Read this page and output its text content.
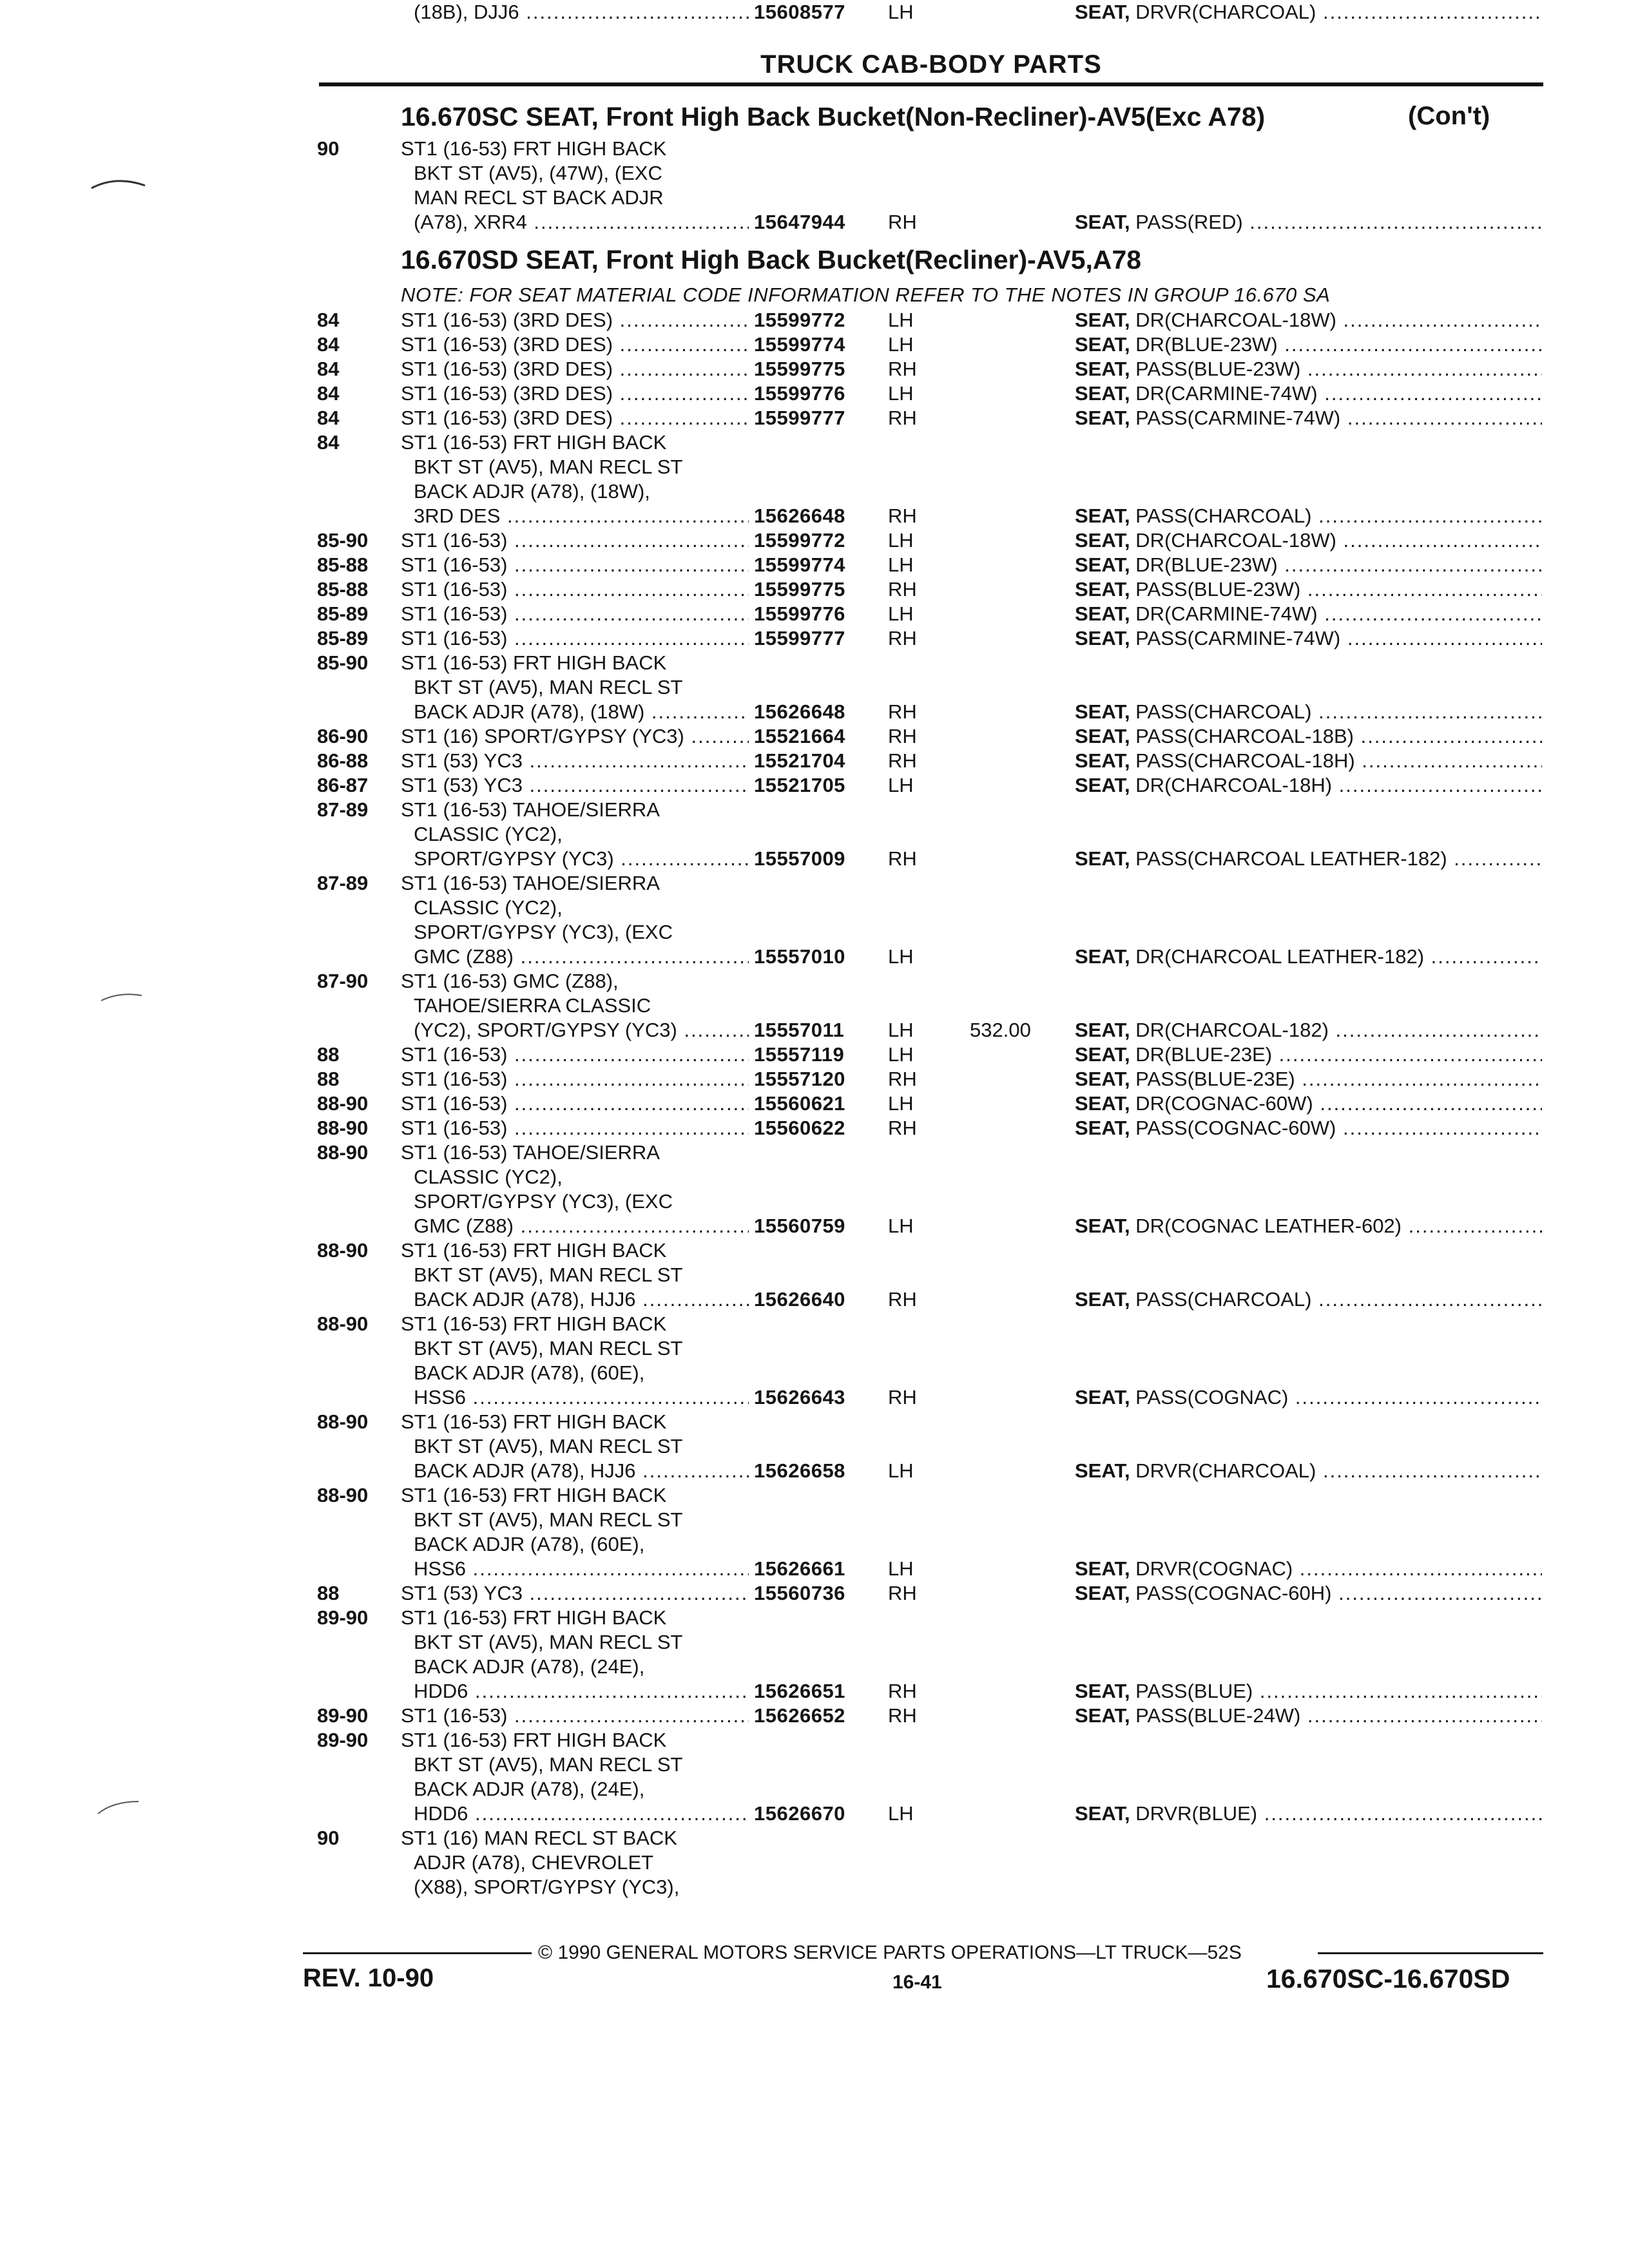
TRUCK CAB-BODY PARTS
16.670SC SEAT, Front High Back Bucket(Non-Recliner)-AV5(Exc A78)	(Con't)
16.670SD SEAT, Front High Back Bucket(Recliner)-AV5,A78
NOTE: FOR SEAT MATERIAL CODE INFORMATION REFER TO THE NOTES IN GROUP 16.670 SA
90	ST1 (16-53) FRT HIGH BACK
BKT ST (AV5), (47W), (EXC
MAN RECL ST BACK ADJR
(A78), XRR4 .....	15647944 RH	SEAT, PASS(RED) .....
84	ST1 (16-53) (3RD DES) .....	15599772 LH	SEAT, DR(CHARCOAL-18W) .....
84	ST1 (16-53) (3RD DES) .....	15599774 LH	SEAT, DR(BLUE-23W) .....
84	ST1 (16-53) (3RD DES) .....	15599775 RH	SEAT, PASS(BLUE-23W) .....
84	ST1 (16-53) (3RD DES) .....	15599776 LH	SEAT, DR(CARMINE-74W) .....
84	ST1 (16-53) (3RD DES) .....	15599777 RH	SEAT, PASS(CARMINE-74W) .....
84	ST1 (16-53) FRT HIGH BACK
BKT ST (AV5), MAN RECL ST
BACK ADJR (A78), (18W),
3RD DES .....	15626648 RH	SEAT, PASS(CHARCOAL) .....
85-90	ST1 (16-53) .....	15599772 LH	SEAT, DR(CHARCOAL-18W) .....
85-88	ST1 (16-53) .....	15599774 LH	SEAT, DR(BLUE-23W) .....
85-88	ST1 (16-53) .....	15599775 RH	SEAT, PASS(BLUE-23W) .....
85-89	ST1 (16-53) .....	15599776 LH	SEAT, DR(CARMINE-74W) .....
85-89	ST1 (16-53) .....	15599777 RH	SEAT, PASS(CARMINE-74W) .....
85-90	ST1 (16-53) FRT HIGH BACK
BKT ST (AV5), MAN RECL ST
BACK ADJR (A78), (18W) .....	15626648 RH	SEAT, PASS(CHARCOAL) .....
86-90	ST1 (16) SPORT/GYPSY (YC3) .....	15521664 RH	SEAT, PASS(CHARCOAL-18B) .....
86-88	ST1 (53) YC3 .....	15521704 RH	SEAT, PASS(CHARCOAL-18H) .....
86-87	ST1 (53) YC3 .....	15521705 LH	SEAT, DR(CHARCOAL-18H) .....
87-89	ST1 (16-53) TAHOE/SIERRA
CLASSIC (YC2),
SPORT/GYPSY (YC3) .....	15557009 RH	SEAT, PASS(CHARCOAL LEATHER-182) .....
87-89	ST1 (16-53) TAHOE/SIERRA
CLASSIC (YC2),
SPORT/GYPSY (YC3), (EXC
GMC (Z88) .....	15557010 LH	SEAT, DR(CHARCOAL LEATHER-182) .....
87-90	ST1 (16-53) GMC (Z88),
TAHOE/SIERRA CLASSIC
(YC2), SPORT/GYPSY (YC3) .....	15557011 LH	532.00 SEAT, DR(CHARCOAL-182) .....
88	ST1 (16-53) .....	15557119 LH	SEAT, DR(BLUE-23E) .....
88	ST1 (16-53) .....	15557120 RH	SEAT, PASS(BLUE-23E) .....
88-90	ST1 (16-53) .....	15560621 LH	SEAT, DR(COGNAC-60W) .....
88-90	ST1 (16-53) .....	15560622 RH	SEAT, PASS(COGNAC-60W) .....
88-90	ST1 (16-53) TAHOE/SIERRA
CLASSIC (YC2),
SPORT/GYPSY (YC3), (EXC
GMC (Z88) .....	15560759 LH	SEAT, DR(COGNAC LEATHER-602) .....
88-90	ST1 (16-53) FRT HIGH BACK
BKT ST (AV5), MAN RECL ST
BACK ADJR (A78), HJJ6 .....	15626640 RH	SEAT, PASS(CHARCOAL) .....
88-90	ST1 (16-53) FRT HIGH BACK
BKT ST (AV5), MAN RECL ST
BACK ADJR (A78), (60E),
HSS6 .....	15626643 RH	SEAT, PASS(COGNAC) .....
88-90	ST1 (16-53) FRT HIGH BACK
BKT ST (AV5), MAN RECL ST
BACK ADJR (A78), HJJ6 .....	15626658 LH	SEAT, DRVR(CHARCOAL) .....
88-90	ST1 (16-53) FRT HIGH BACK
BKT ST (AV5), MAN RECL ST
BACK ADJR (A78), (60E),
HSS6 .....	15626661 LH	SEAT, DRVR(COGNAC) .....
88	ST1 (53) YC3 .....	15560736 RH	SEAT, PASS(COGNAC-60H) .....
89-90	ST1 (16-53) FRT HIGH BACK
BKT ST (AV5), MAN RECL ST
BACK ADJR (A78), (24E),
HDD6 .....	15626651 RH	SEAT, PASS(BLUE) .....
89-90	ST1 (16-53) .....	15626652 RH	SEAT, PASS(BLUE-24W) .....
89-90	ST1 (16-53) FRT HIGH BACK
BKT ST (AV5), MAN RECL ST
BACK ADJR (A78), (24E),
HDD6 .....	15626670 LH	SEAT, DRVR(BLUE) .....
90	ST1 (16) MAN RECL ST BACK
ADJR (A78), CHEVROLET
(X88), SPORT/GYPSY (YC3),
(18B), DJJ6 .....	15608577 LH	SEAT, DRVR(CHARCOAL) .....
© 1990 GENERAL MOTORS SERVICE PARTS OPERATIONS—LT TRUCK—52S
REV. 10-90	16-41	16.670SC-16.670SD
